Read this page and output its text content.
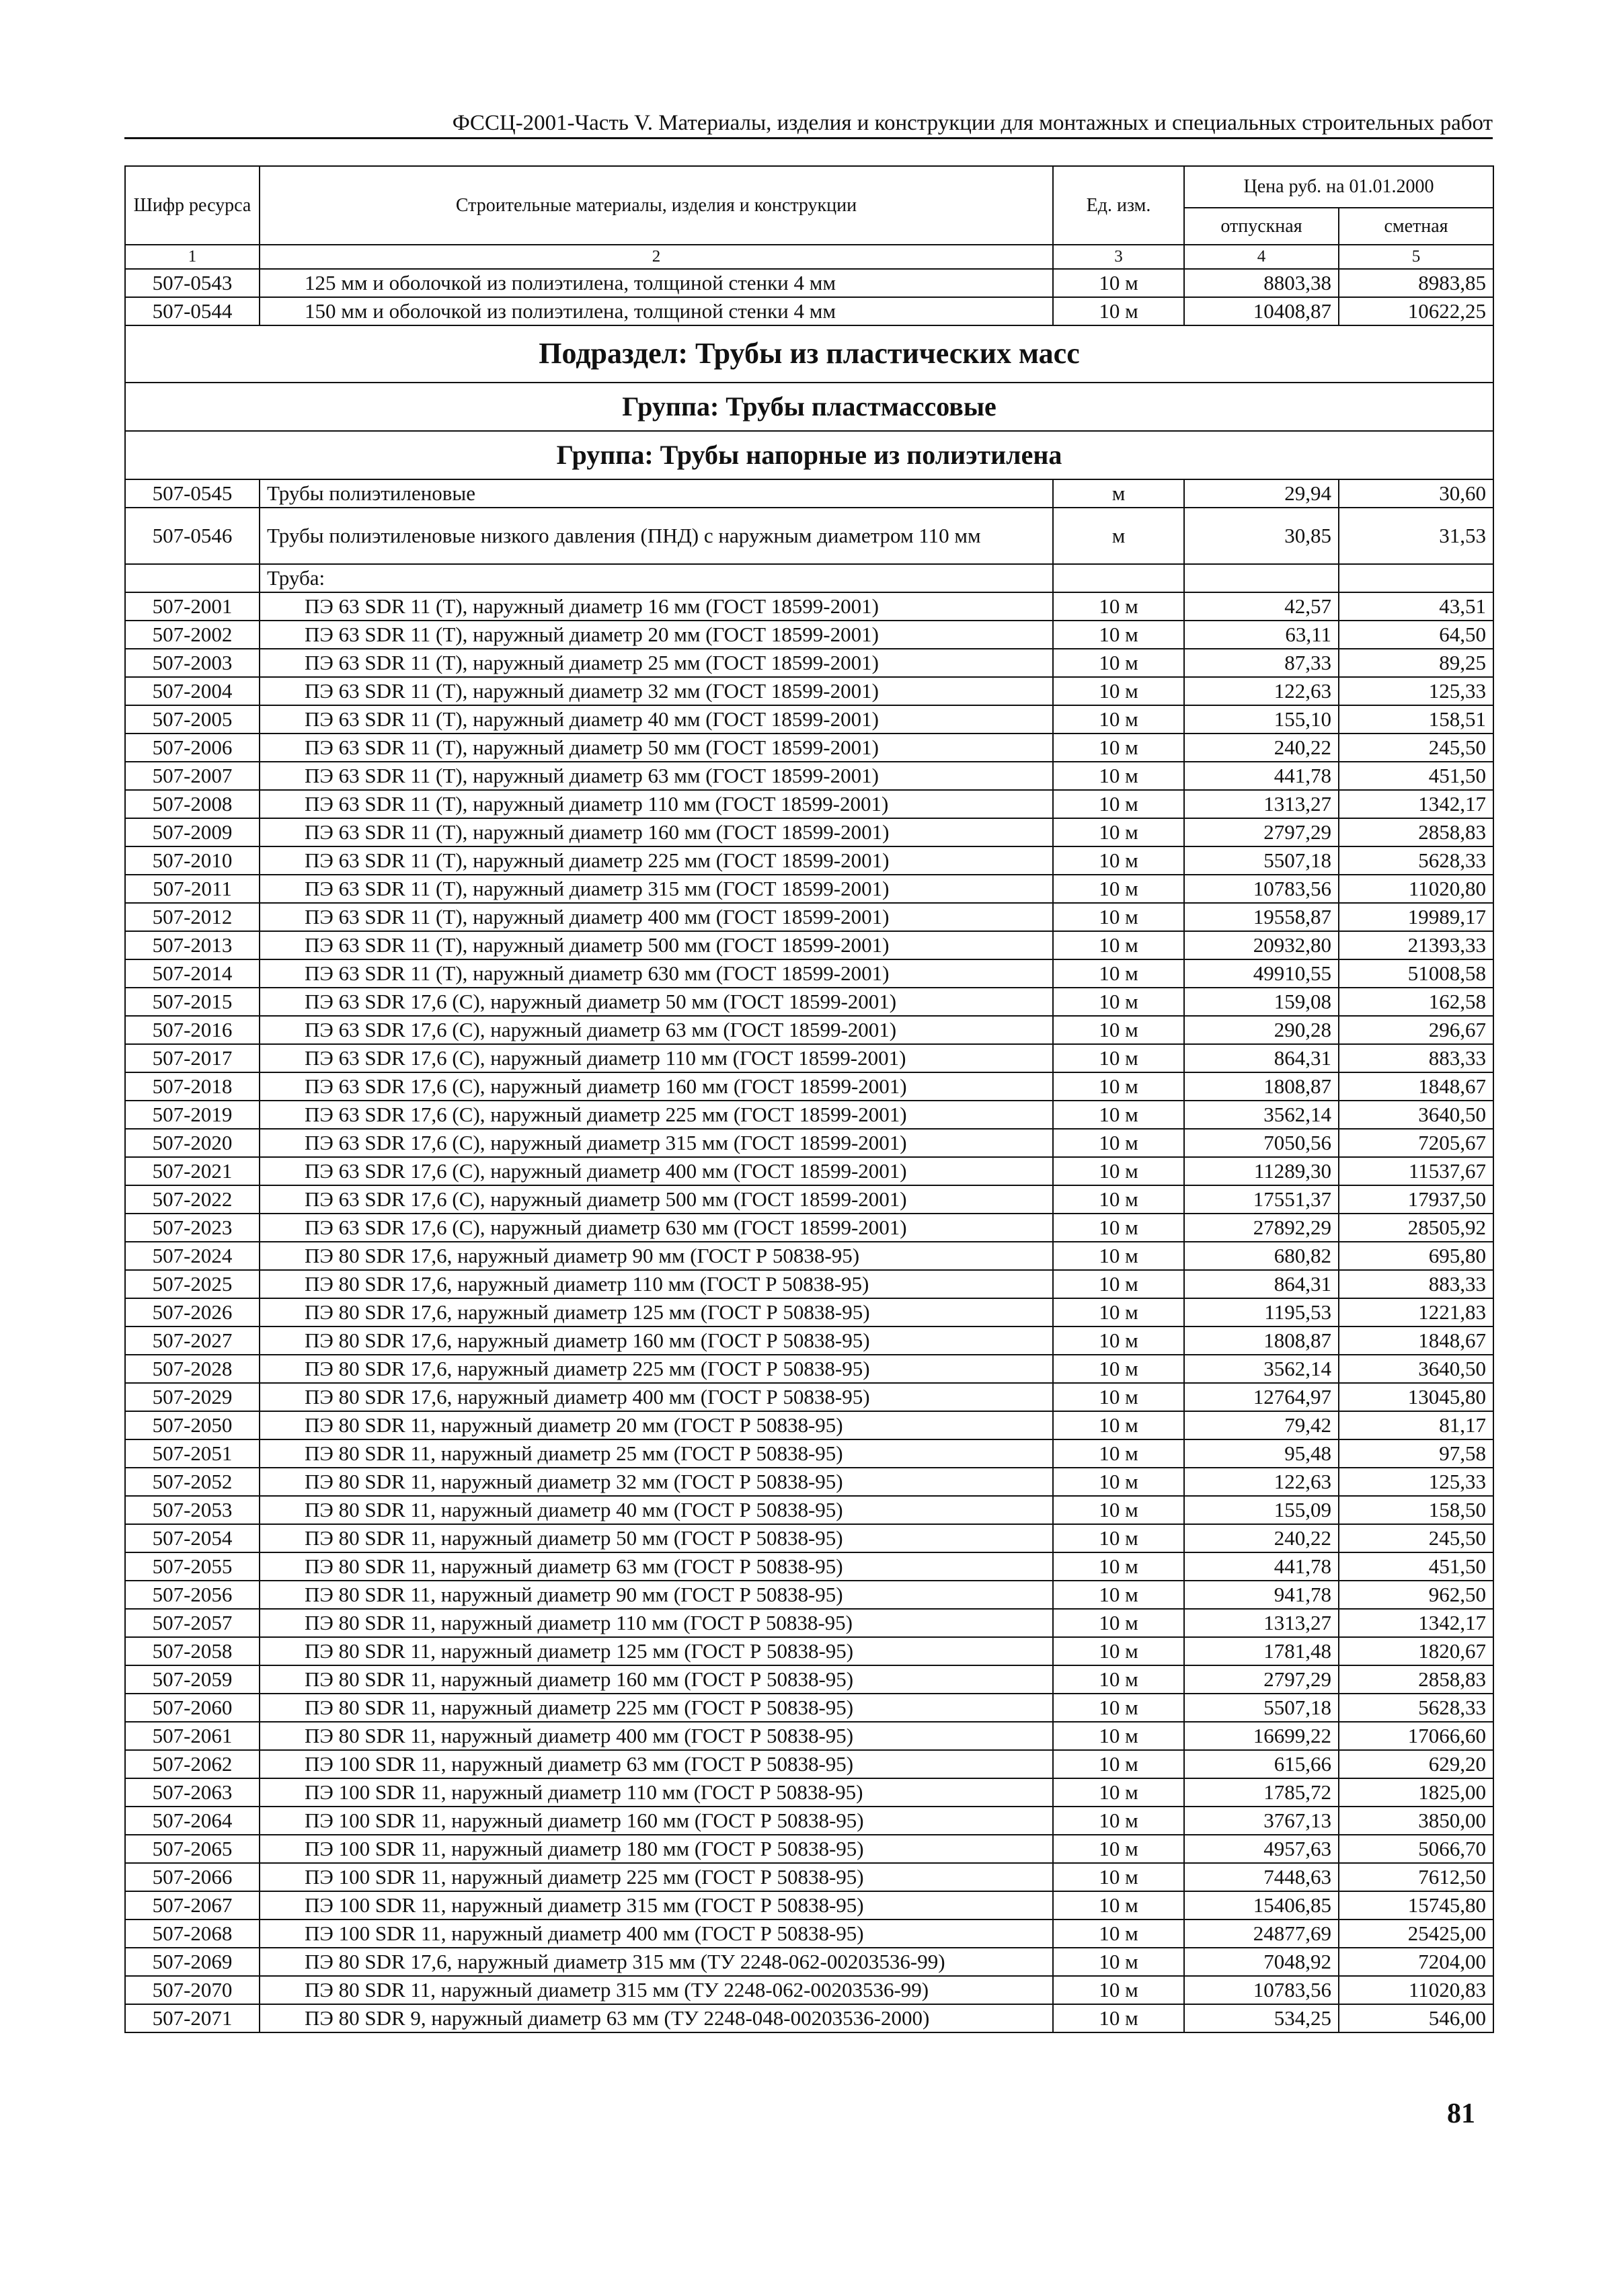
ФССЦ-2001-Часть V. Материалы, изделия и конструкции для монтажных и специальных строительных работ
Шифр ресурса	Строительные материалы, изделия и конструкции	Ед. изм.	Цена руб. на 01.01.2000	
			отпускная	сметная
1	2	3	4	5
507-0543	125 мм и оболочкой из полиэтилена, толщиной стенки 4 мм	10 м	8803,38	8983,85
507-0544	150 мм и оболочкой из полиэтилена, толщиной стенки 4 мм	10 м	10408,87	10622,25
Подраздел: Трубы из пластических масс				
Группа: Трубы пластмассовые				
Группа: Трубы напорные из полиэтилена				
507-0545	Трубы полиэтиленовые	м	29,94	30,60
507-0546	Трубы полиэтиленовые низкого давления (ПНД) с наружным диаметром 110 мм	м	30,85	31,53
	Труба:			
507-2001	ПЭ 63 SDR 11 (Т), наружный диаметр 16 мм (ГОСТ 18599-2001)	10 м	42,57	43,51
507-2002	ПЭ 63 SDR 11 (Т), наружный диаметр 20 мм (ГОСТ 18599-2001)	10 м	63,11	64,50
507-2003	ПЭ 63 SDR 11 (Т), наружный диаметр 25 мм (ГОСТ 18599-2001)	10 м	87,33	89,25
507-2004	ПЭ 63 SDR 11 (Т), наружный диаметр 32 мм (ГОСТ 18599-2001)	10 м	122,63	125,33
507-2005	ПЭ 63 SDR 11 (Т), наружный диаметр 40 мм (ГОСТ 18599-2001)	10 м	155,10	158,51
507-2006	ПЭ 63 SDR 11 (Т), наружный диаметр 50 мм (ГОСТ 18599-2001)	10 м	240,22	245,50
507-2007	ПЭ 63 SDR 11 (Т), наружный диаметр 63 мм (ГОСТ 18599-2001)	10 м	441,78	451,50
507-2008	ПЭ 63 SDR 11 (Т), наружный диаметр 110 мм (ГОСТ 18599-2001)	10 м	1313,27	1342,17
507-2009	ПЭ 63 SDR 11 (Т), наружный диаметр 160 мм (ГОСТ 18599-2001)	10 м	2797,29	2858,83
507-2010	ПЭ 63 SDR 11 (Т), наружный диаметр 225 мм (ГОСТ 18599-2001)	10 м	5507,18	5628,33
507-2011	ПЭ 63 SDR 11 (Т), наружный диаметр 315 мм (ГОСТ 18599-2001)	10 м	10783,56	11020,80
507-2012	ПЭ 63 SDR 11 (Т), наружный диаметр 400 мм (ГОСТ 18599-2001)	10 м	19558,87	19989,17
507-2013	ПЭ 63 SDR 11 (Т), наружный диаметр 500 мм (ГОСТ 18599-2001)	10 м	20932,80	21393,33
507-2014	ПЭ 63 SDR 11 (Т), наружный диаметр 630 мм (ГОСТ 18599-2001)	10 м	49910,55	51008,58
507-2015	ПЭ 63 SDR 17,6 (С), наружный диаметр 50 мм (ГОСТ 18599-2001)	10 м	159,08	162,58
507-2016	ПЭ 63 SDR 17,6 (С), наружный диаметр 63 мм (ГОСТ 18599-2001)	10 м	290,28	296,67
507-2017	ПЭ 63 SDR 17,6 (С), наружный диаметр 110 мм (ГОСТ 18599-2001)	10 м	864,31	883,33
507-2018	ПЭ 63 SDR 17,6 (С), наружный диаметр 160 мм (ГОСТ 18599-2001)	10 м	1808,87	1848,67
507-2019	ПЭ 63 SDR 17,6 (С), наружный диаметр 225 мм (ГОСТ 18599-2001)	10 м	3562,14	3640,50
507-2020	ПЭ 63 SDR 17,6 (С), наружный диаметр 315 мм (ГОСТ 18599-2001)	10 м	7050,56	7205,67
507-2021	ПЭ 63 SDR 17,6 (С), наружный диаметр 400 мм (ГОСТ 18599-2001)	10 м	11289,30	11537,67
507-2022	ПЭ 63 SDR 17,6 (С), наружный диаметр 500 мм (ГОСТ 18599-2001)	10 м	17551,37	17937,50
507-2023	ПЭ 63 SDR 17,6 (С), наружный диаметр 630 мм (ГОСТ 18599-2001)	10 м	27892,29	28505,92
507-2024	ПЭ 80 SDR 17,6, наружный диаметр 90 мм (ГОСТ Р 50838-95)	10 м	680,82	695,80
507-2025	ПЭ 80 SDR 17,6, наружный диаметр 110 мм (ГОСТ Р 50838-95)	10 м	864,31	883,33
507-2026	ПЭ 80 SDR 17,6, наружный диаметр 125 мм (ГОСТ Р 50838-95)	10 м	1195,53	1221,83
507-2027	ПЭ 80 SDR 17,6, наружный диаметр 160 мм (ГОСТ Р 50838-95)	10 м	1808,87	1848,67
507-2028	ПЭ 80 SDR 17,6, наружный диаметр 225 мм (ГОСТ Р 50838-95)	10 м	3562,14	3640,50
507-2029	ПЭ 80 SDR 17,6, наружный диаметр 400 мм (ГОСТ Р 50838-95)	10 м	12764,97	13045,80
507-2050	ПЭ 80 SDR 11, наружный диаметр 20 мм (ГОСТ Р 50838-95)	10 м	79,42	81,17
507-2051	ПЭ 80 SDR 11, наружный диаметр 25 мм (ГОСТ Р 50838-95)	10 м	95,48	97,58
507-2052	ПЭ 80 SDR 11, наружный диаметр 32 мм (ГОСТ Р 50838-95)	10 м	122,63	125,33
507-2053	ПЭ 80 SDR 11, наружный диаметр 40 мм (ГОСТ Р 50838-95)	10 м	155,09	158,50
507-2054	ПЭ 80 SDR 11, наружный диаметр 50 мм (ГОСТ Р 50838-95)	10 м	240,22	245,50
507-2055	ПЭ 80 SDR 11, наружный диаметр 63 мм (ГОСТ Р 50838-95)	10 м	441,78	451,50
507-2056	ПЭ 80 SDR 11, наружный диаметр 90 мм (ГОСТ Р 50838-95)	10 м	941,78	962,50
507-2057	ПЭ 80 SDR 11, наружный диаметр 110 мм (ГОСТ Р 50838-95)	10 м	1313,27	1342,17
507-2058	ПЭ 80 SDR 11, наружный диаметр 125 мм (ГОСТ Р 50838-95)	10 м	1781,48	1820,67
507-2059	ПЭ 80 SDR 11, наружный диаметр 160 мм (ГОСТ Р 50838-95)	10 м	2797,29	2858,83
507-2060	ПЭ 80 SDR 11, наружный диаметр 225 мм (ГОСТ Р 50838-95)	10 м	5507,18	5628,33
507-2061	ПЭ 80 SDR 11, наружный диаметр 400 мм (ГОСТ Р 50838-95)	10 м	16699,22	17066,60
507-2062	ПЭ 100 SDR 11, наружный диаметр 63 мм (ГОСТ Р 50838-95)	10 м	615,66	629,20
507-2063	ПЭ 100 SDR 11, наружный диаметр 110 мм (ГОСТ Р 50838-95)	10 м	1785,72	1825,00
507-2064	ПЭ 100 SDR 11, наружный диаметр 160 мм (ГОСТ Р 50838-95)	10 м	3767,13	3850,00
507-2065	ПЭ 100 SDR 11, наружный диаметр 180 мм (ГОСТ Р 50838-95)	10 м	4957,63	5066,70
507-2066	ПЭ 100 SDR 11, наружный диаметр 225 мм (ГОСТ Р 50838-95)	10 м	7448,63	7612,50
507-2067	ПЭ 100 SDR 11, наружный диаметр 315 мм (ГОСТ Р 50838-95)	10 м	15406,85	15745,80
507-2068	ПЭ 100 SDR 11, наружный диаметр 400 мм (ГОСТ Р 50838-95)	10 м	24877,69	25425,00
507-2069	ПЭ 80 SDR 17,6, наружный диаметр 315 мм (ТУ 2248-062-00203536-99)	10 м	7048,92	7204,00
507-2070	ПЭ 80 SDR 11, наружный диаметр 315 мм (ТУ 2248-062-00203536-99)	10 м	10783,56	11020,83
507-2071	ПЭ 80 SDR 9, наружный диаметр 63 мм (ТУ 2248-048-00203536-2000)	10 м	534,25	546,00
81
